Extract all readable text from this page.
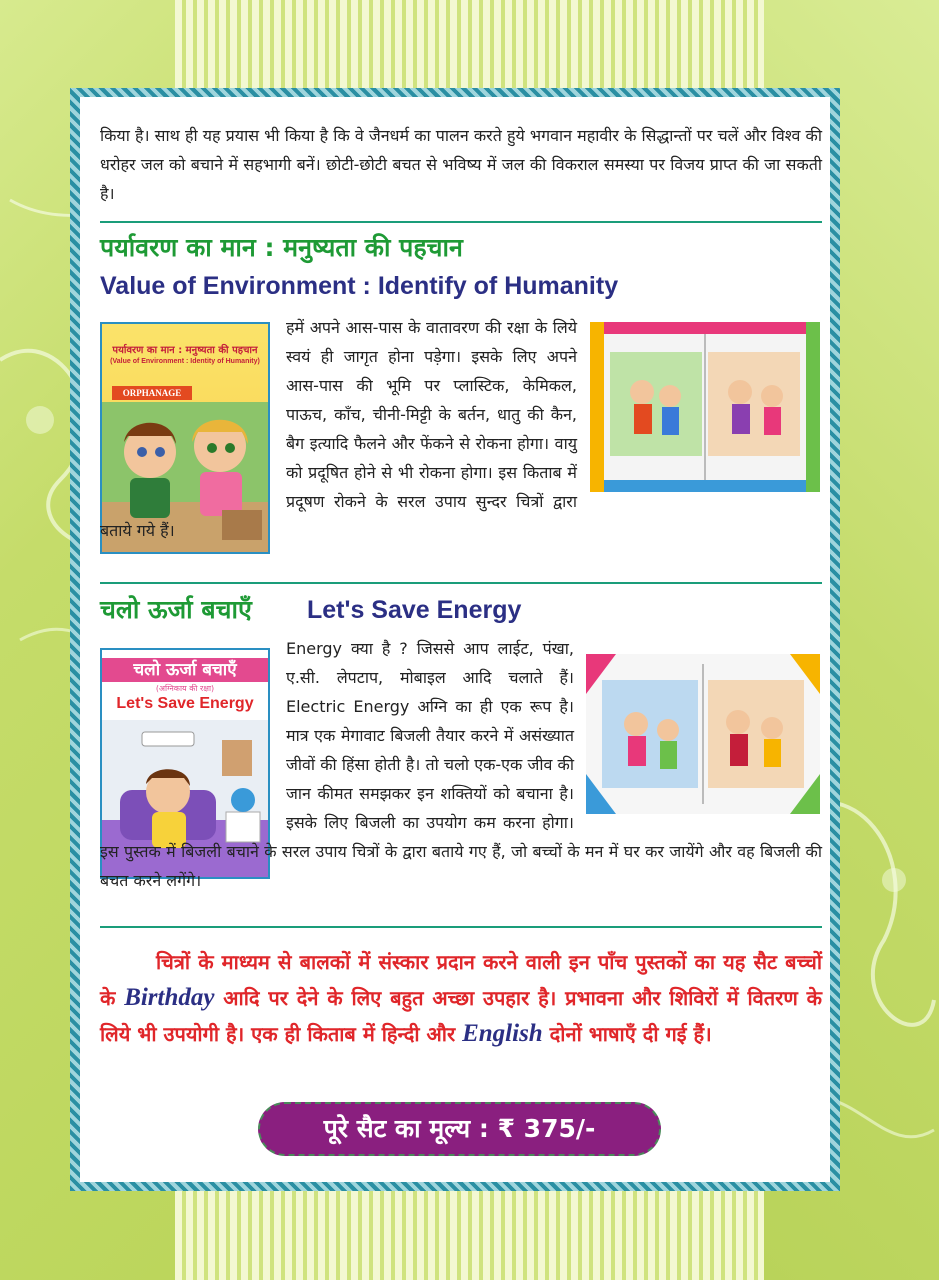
किया है। साथ ही यह प्रयास भी किया है कि वे जैनधर्म का पालन करते हुये भगवान महावीर के सिद्धान्तों पर चलें और विश्व की धरोहर जल को बचाने में सहभागी बनें। छोटी-छोटी बचत से भविष्य में जल की विकराल समस्या पर विजय प्राप्त की जा सकती है।

पर्यावरण का मान : मनुष्यता की पहचान
Value of Environment : Identify of Humanity
पर्यावरण का मान : मनुष्यता की पहचान
(Value of Environment : Identity of Humanity)
ORPHANAGE

हमें अपने आस-पास के वातावरण की रक्षा के लिये स्वयं ही जागृत होना पड़ेगा। इसके लिए अपने आस-पास की भूमि पर प्लास्टिक, केमिकल, पाऊच, काँच, चीनी-मिट्टी के बर्तन, धातु की कैन, बैग इत्यादि फैलने और फेंकने से रोकना होगा। वायु को प्रदूषित होने से भी रोकना होगा। इस किताब में प्रदूषण रोकने के सरल उपाय सुन्दर चित्रों द्वारा बताये गये हैं।

चलो ऊर्जा बचाएँ Let's Save Energy
चलो ऊर्जा बचाएँ
(अग्निकाय की रक्षा)
Let's Save Energy

Energy क्या है ? जिससे आप लाईट, पंखा, ए.सी. लेपटाप, मोबाइल आदि चलाते हैं। Electric Energy अग्नि का ही एक रूप है। मात्र एक मेगावाट बिजली तैयार करने में असंख्यात जीवों की हिंसा होती है। तो चलो एक-एक जीव की जान कीमत समझकर इन शक्तियों को बचाना है। इसके लिए बिजली का उपयोग कम करना होगा। इस पुस्तक में बिजली बचाने के सरल उपाय चित्रों के द्वारा बताये गए हैं, जो बच्चों के मन में घर कर जायेंगे और वह बिजली की बचत करने लगेंगे।

चित्रों के माध्यम से बालकों में संस्कार प्रदान करने वाली इन पाँच पुस्तकों का यह सैट बच्चों के Birthday आदि पर देने के लिए बहुत अच्छा उपहार है। प्रभावना और शिविरों में वितरण के लिये भी उपयोगी है। एक ही किताब में हिन्दी और English दोनों भाषाएँ दी गई हैं।

पूरे सैट का मूल्य : ₹ 375/-
